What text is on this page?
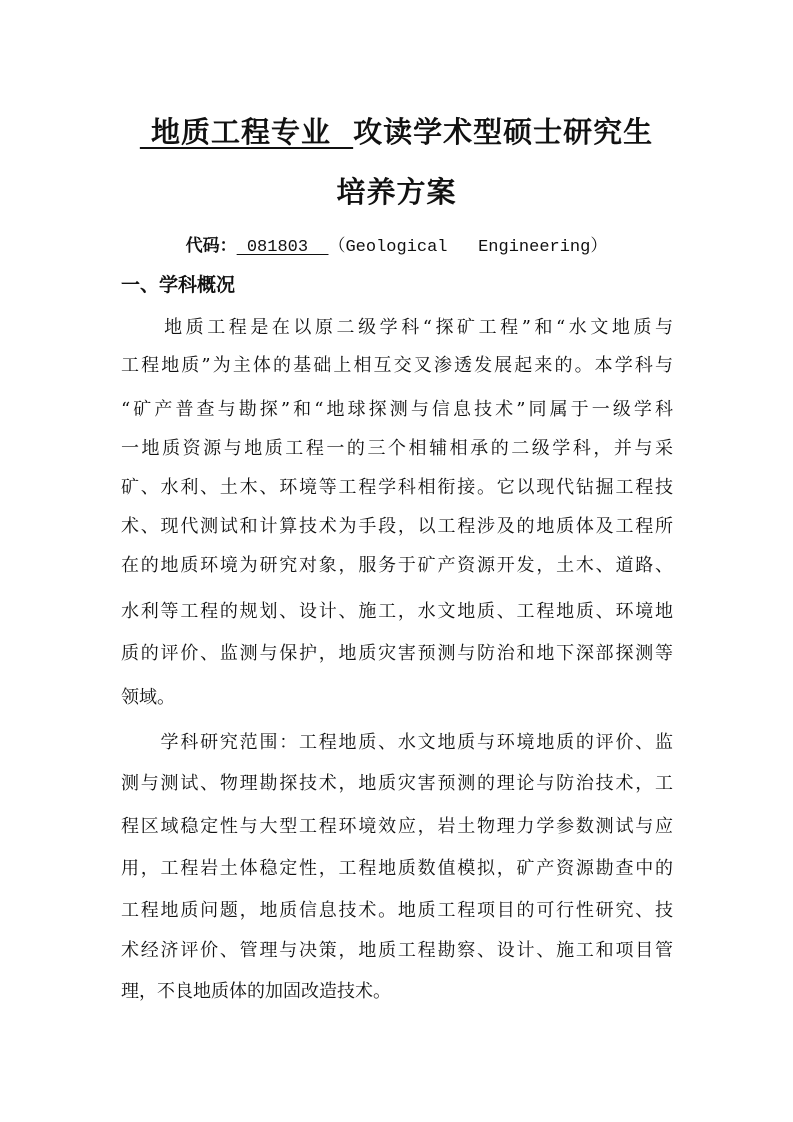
地质工程专业  攻读学术型硕士研究生
培养方案
代码： 081803  （Geological   Engineering）
一、学科概况
　　地质工程是在以原二级学科“探矿工程”和“水文地质与
工程地质”为主体的基础上相互交叉渗透发展起来的。本学科与
“矿产普查与勘探”和“地球探测与信息技术”同属于一级学科
一地质资源与地质工程一的三个相辅相承的二级学科，并与采
矿、水利、土木、环境等工程学科相衔接。它以现代钻掘工程技
术、现代测试和计算技术为手段，以工程涉及的地质体及工程所
在的地质环境为研究对象，服务于矿产资源开发，土木、道路、
水利等工程的规划、设计、施工，水文地质、工程地质、环境地
质的评价、监测与保护，地质灾害预测与防治和地下深部探测等
领域。
　　学科研究范围：工程地质、水文地质与环境地质的评价、监
测与测试、物理勘探技术，地质灾害预测的理论与防治技术，工
程区域稳定性与大型工程环境效应，岩土物理力学参数测试与应
用，工程岩土体稳定性，工程地质数值模拟，矿产资源勘查中的
工程地质问题，地质信息技术。地质工程项目的可行性研究、技
术经济评价、管理与决策，地质工程勘察、设计、施工和项目管
理，不良地质体的加固改造技术。
